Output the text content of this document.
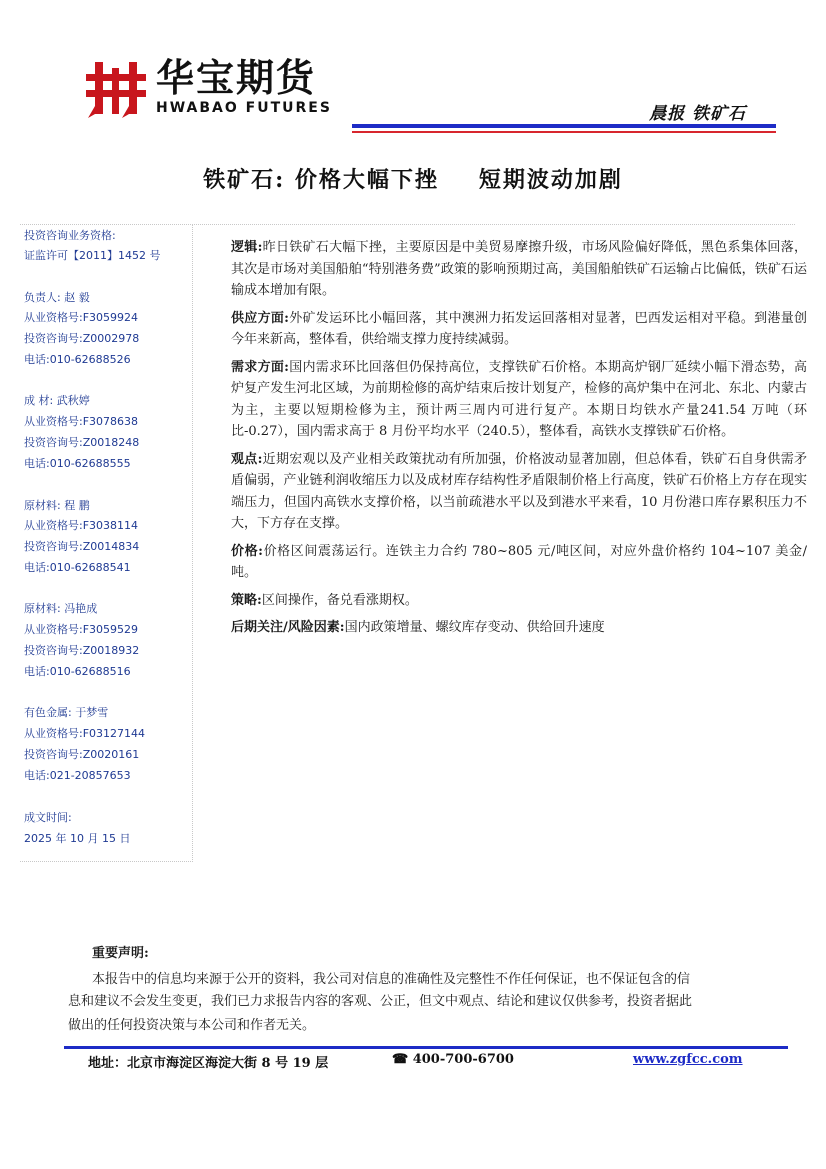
华宝期货
HWABAO FUTURES	晨报 铁矿石
铁矿石: 价格大幅下挫 短期波动加剧
投资咨询业务资格:
证监许可【2011】1452 号
负责人: 赵 毅
从业资格号:F3059924
投资咨询号:Z0002978
电话:010-62688526
成 材: 武秋婷
从业资格号:F3078638
投资咨询号:Z0018248
电话:010-62688555
原材料: 程 鹏
从业资格号:F3038114
投资咨询号:Z0014834
电话:010-62688541
原材料: 冯艳成
从业资格号:F3059529
投资咨询号:Z0018932
电话:010-62688516
有色金属: 于梦雪
从业资格号:F03127144
投资咨询号:Z0020161
电话:021-20857653
成文时间:
2025 年 10 月 15 日

逻辑:昨日铁矿石大幅下挫，主要原因是中美贸易摩擦升级，市场风险偏好降低，黑色系集体回落，其次是市场对美国船舶“特别港务费”政策的影响预期过高，美国船舶铁矿石运输占比偏低，铁矿石运输成本增加有限。

供应方面:外矿发运环比小幅回落，其中澳洲力拓发运回落相对显著，巴西发运相对平稳。到港量创今年来新高，整体看，供给端支撑力度持续减弱。

需求方面:国内需求环比回落但仍保持高位，支撑铁矿石价格。本期高炉钢厂延续小幅下滑态势，高炉复产发生河北区域，为前期检修的高炉结束后按计划复产，检修的高炉集中在河北、东北、内蒙古为主，主要以短期检修为主，预计两三周内可进行复产。本期日均铁水产量241.54 万吨（环比-0.27），国内需求高于 8 月份平均水平（240.5），整体看，高铁水支撑铁矿石价格。

观点:近期宏观以及产业相关政策扰动有所加强，价格波动显著加剧，但总体看，铁矿石自身供需矛盾偏弱，产业链利润收缩压力以及成材库存结构性矛盾限制价格上行高度，铁矿石价格上方存在现实端压力，但国内高铁水支撑价格，以当前疏港水平以及到港水平来看，10 月份港口库存累积压力不大，下方存在支撑。

价格:价格区间震荡运行。连铁主力合约 780~805 元/吨区间，对应外盘价格约 104~107 美金/吨。

策略:区间操作，备兑看涨期权。

后期关注/风险因素:国内政策增量、螺纹库存变动、供给回升速度

重要声明:
本报告中的信息均来源于公开的资料，我公司对信息的准确性及完整性不作任何保证，也不保证包含的信
息和建议不会发生变更，我们已力求报告内容的客观、公正，但文中观点、结论和建议仅供参考，投资者据此
做出的任何投资决策与本公司和作者无关。
地址：北京市海淀区海淀大街 8 号 19 层	☎ 400-700-6700	www.zgfcc.com
